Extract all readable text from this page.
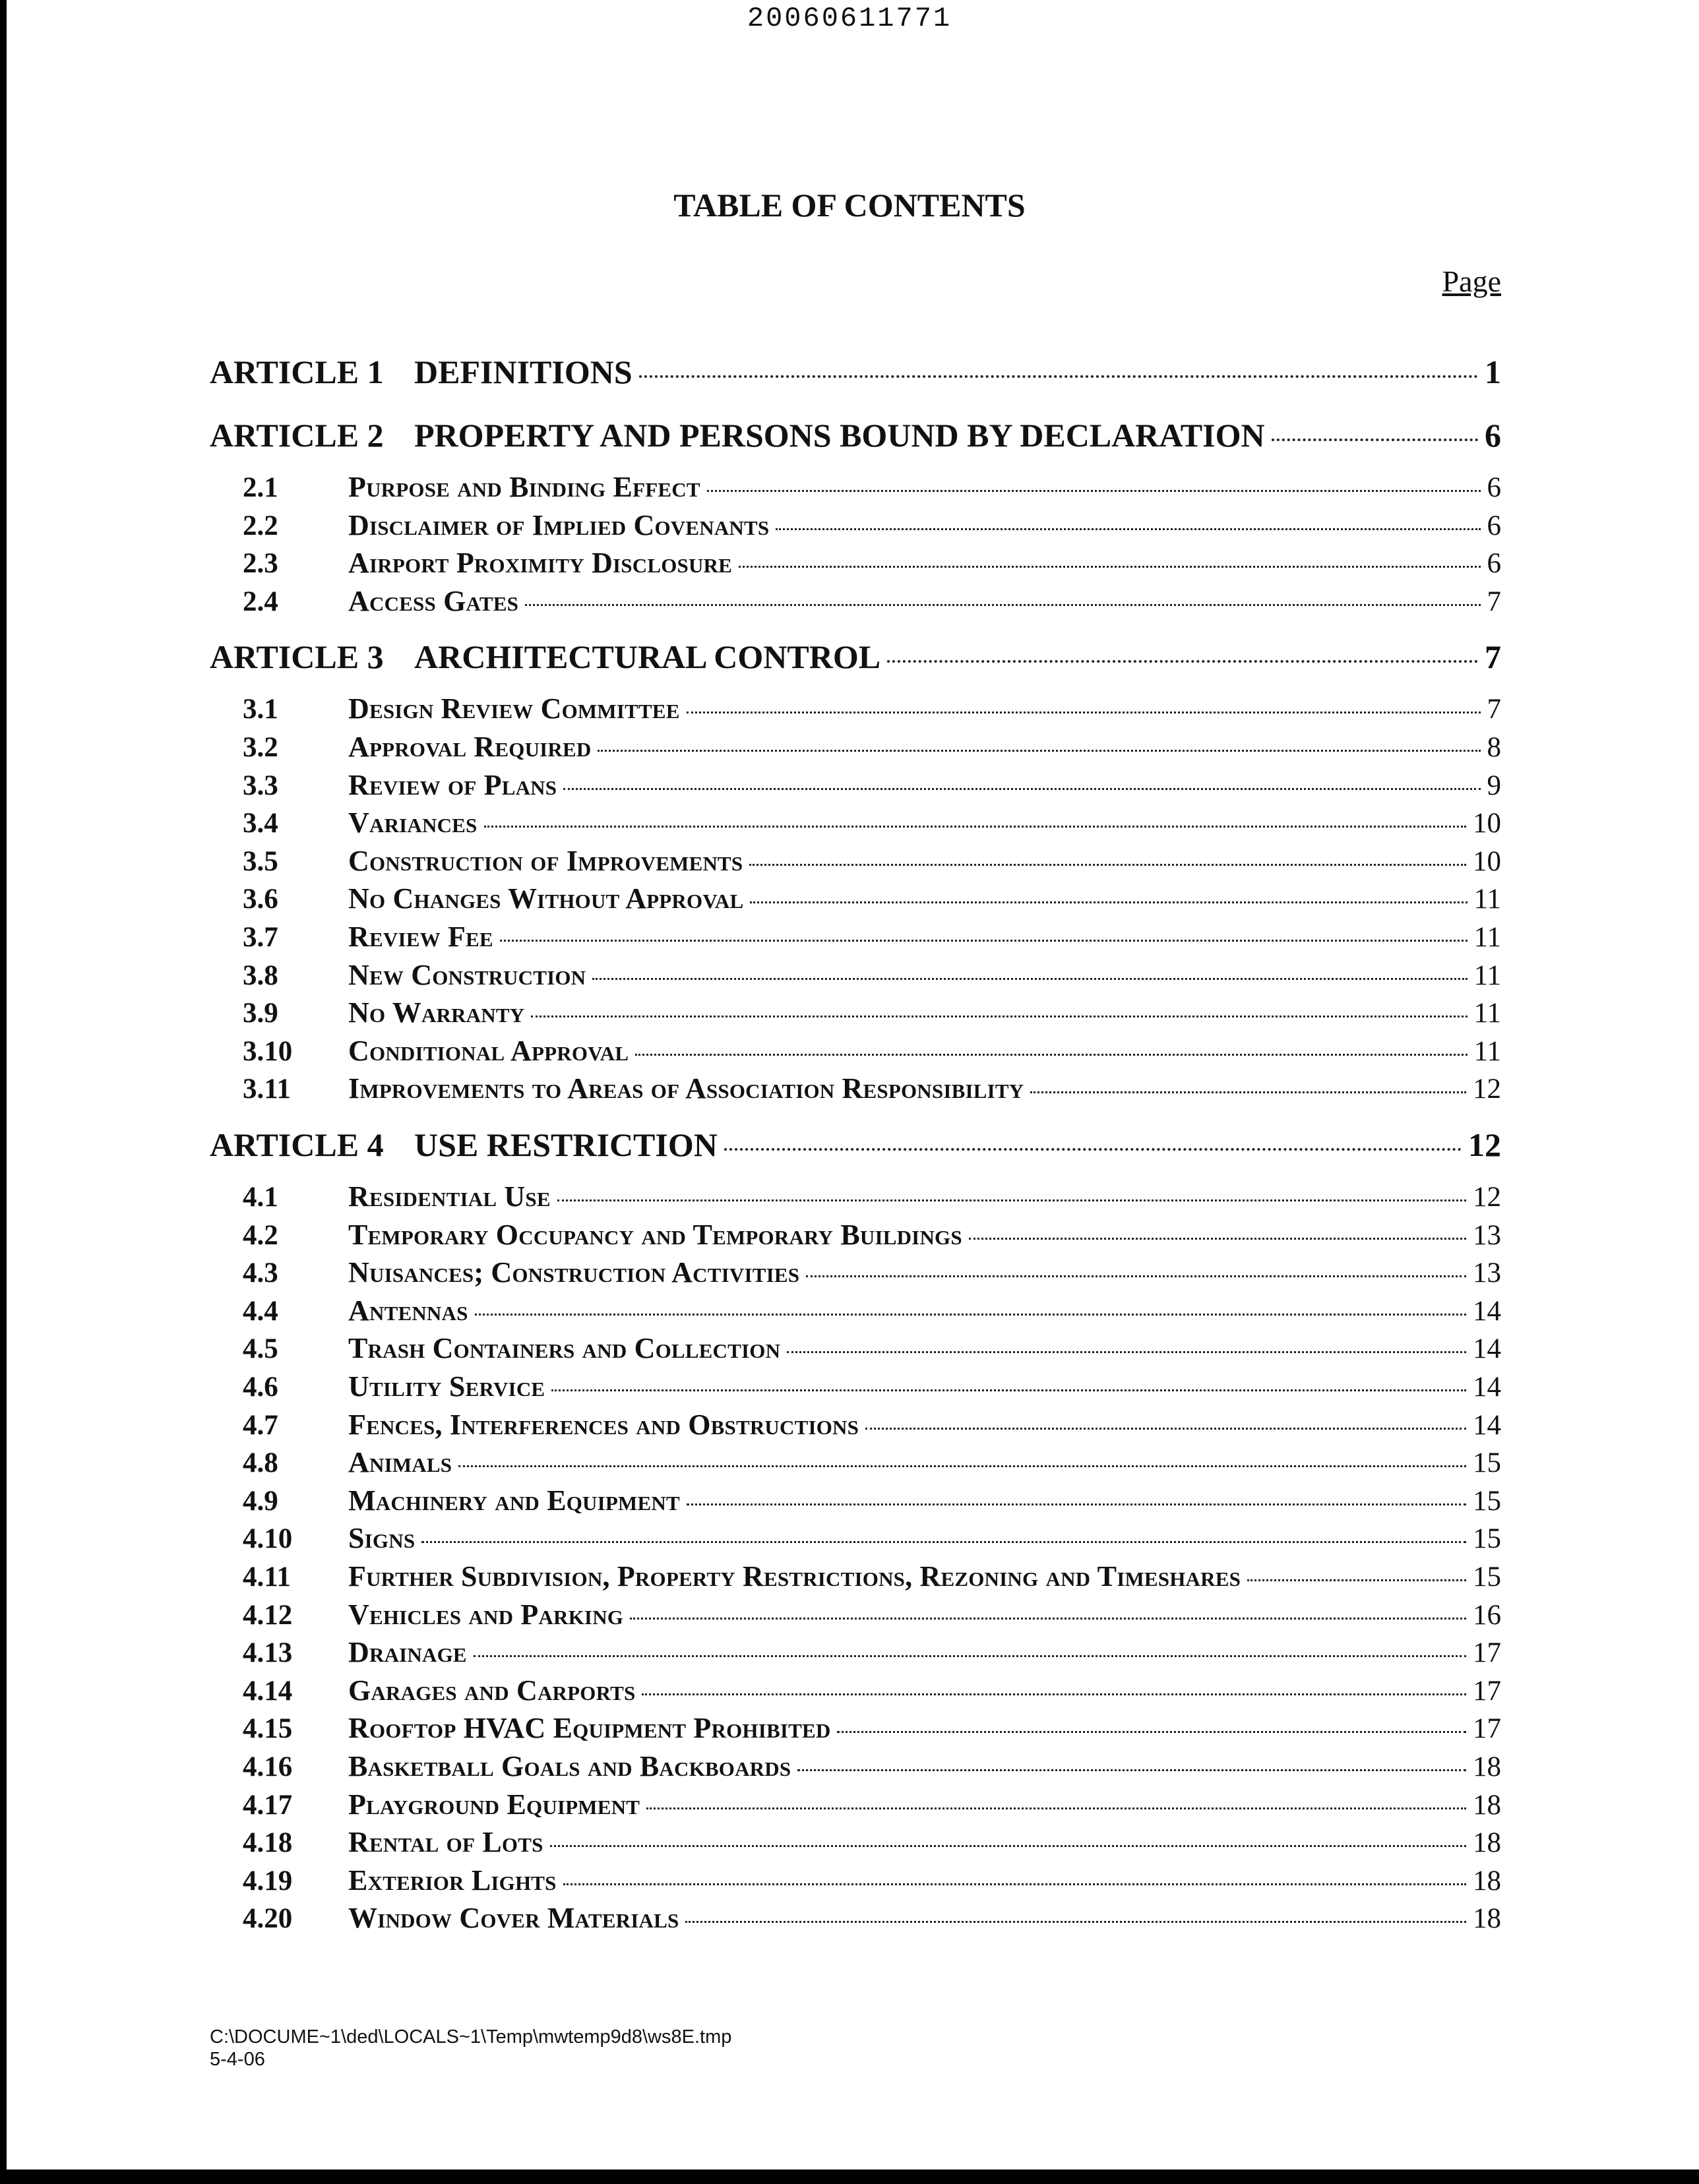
20060611771
TABLE OF CONTENTS
Page
ARTICLE 1 DEFINITIONS	1
ARTICLE 2 PROPERTY AND PERSONS BOUND BY DECLARATION	6
2.1	Purpose and Binding Effect	6
2.2	Disclaimer of Implied Covenants	6
2.3	Airport Proximity Disclosure	6
2.4	Access Gates	7
ARTICLE 3 ARCHITECTURAL CONTROL	7
3.1	Design Review Committee	7
3.2	Approval Required	8
3.3	Review of Plans	9
3.4	Variances	10
3.5	Construction of Improvements	10
3.6	No Changes Without Approval	11
3.7	Review Fee	11
3.8	New Construction	11
3.9	No Warranty	11
3.10	Conditional Approval	11
3.11	Improvements to Areas of Association Responsibility	12
ARTICLE 4 USE RESTRICTION	12
4.1	Residential Use	12
4.2	Temporary Occupancy and Temporary Buildings	13
4.3	Nuisances; Construction Activities	13
4.4	Antennas	14
4.5	Trash Containers and Collection	14
4.6	Utility Service	14
4.7	Fences, Interferences and Obstructions	14
4.8	Animals	15
4.9	Machinery and Equipment	15
4.10	Signs	15
4.11	Further Subdivision, Property Restrictions, Rezoning and Timeshares	15
4.12	Vehicles and Parking	16
4.13	Drainage	17
4.14	Garages and Carports	17
4.15	Rooftop HVAC Equipment Prohibited	17
4.16	Basketball Goals and Backboards	18
4.17	Playground Equipment	18
4.18	Rental of Lots	18
4.19	Exterior Lights	18
4.20	Window Cover Materials	18
C:\DOCUME~1\ded\LOCALS~1\Temp\mwtemp9d8\ws8E.tmp
5-4-06
